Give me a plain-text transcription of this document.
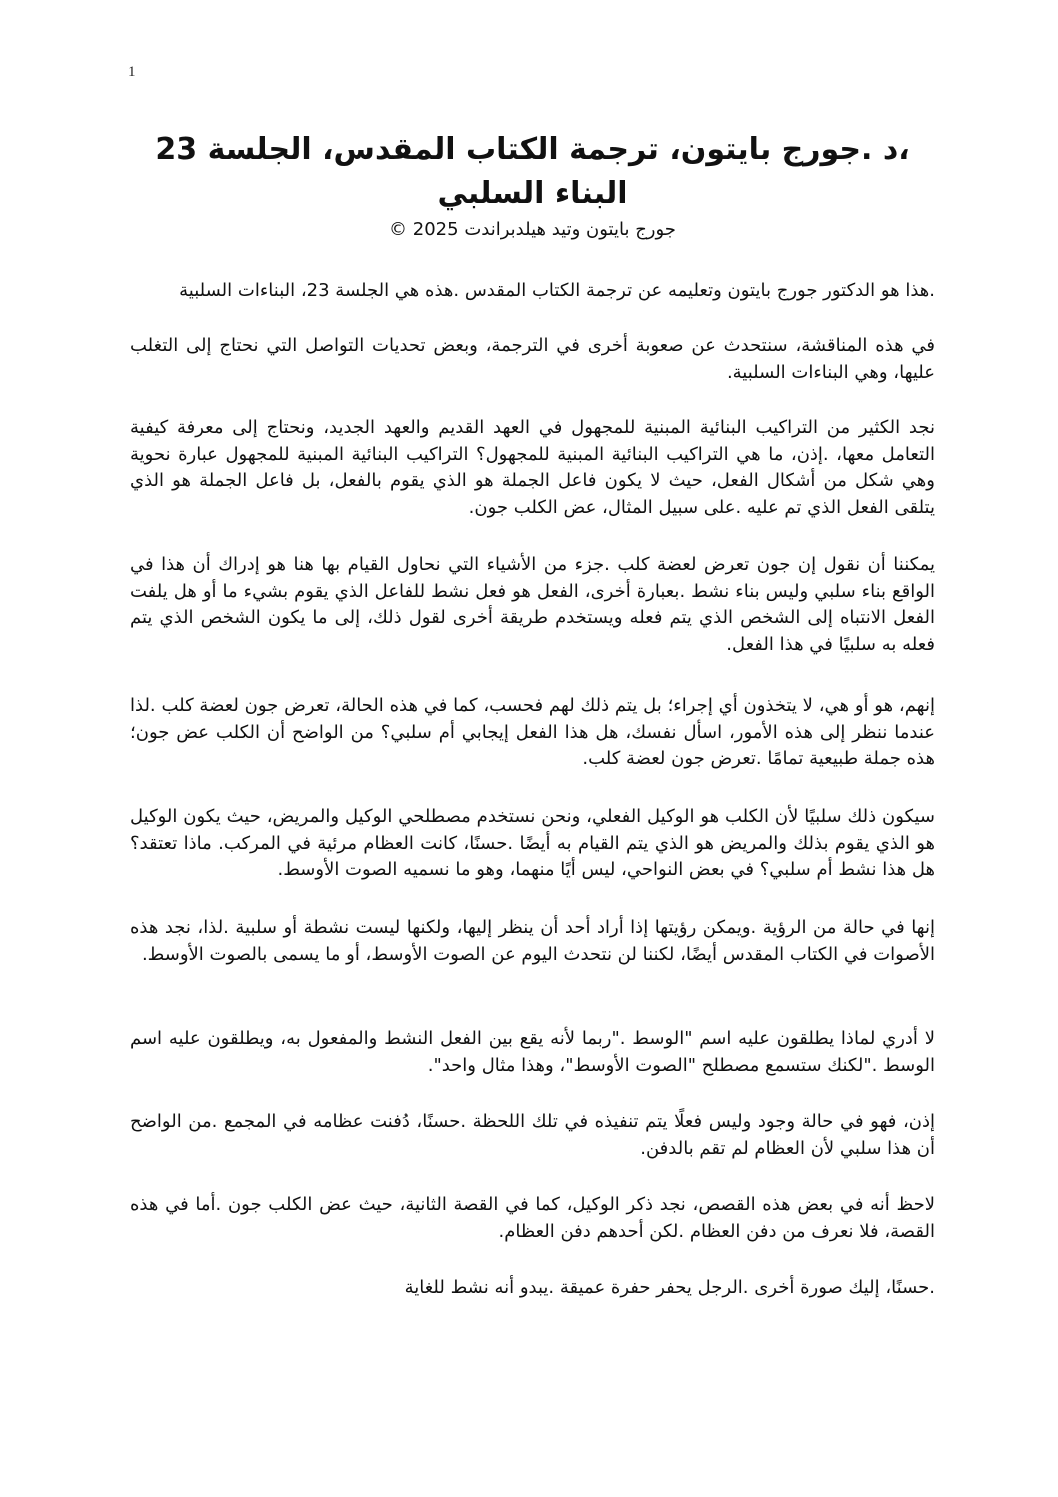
1
،د .جورج بايتون، ترجمة الكتاب المقدس، الجلسة 23
البناء السلبي

جورج بايتون وتيد هيلدبراندت 2025 ©

.هذا هو الدكتور جورج بايتون وتعليمه عن ترجمة الكتاب المقدس .هذه هي الجلسة 23، البناءات السلبية

في هذه المناقشة، سنتحدث عن صعوبة أخرى في الترجمة، وبعض تحديات التواصل التي نحتاج إلى التغلب عليها، وهي البناءات السلبية.

نجد الكثير من التراكيب البنائية المبنية للمجهول في العهد القديم والعهد الجديد، ونحتاج إلى معرفة كيفية التعامل معها، .إذن، ما هي التراكيب البنائية المبنية للمجهول؟ التراكيب البنائية المبنية للمجهول عبارة نحوية وهي شكل من أشكال الفعل، حيث لا يكون فاعل الجملة هو الذي يقوم بالفعل، بل فاعل الجملة هو الذي يتلقى الفعل الذي تم عليه .على سبيل المثال، عض الكلب جون.

يمكننا أن نقول إن جون تعرض لعضة كلب .جزء من الأشياء التي نحاول القيام بها هنا هو إدراك أن هذا في الواقع بناء سلبي وليس بناء نشط .بعبارة أخرى، الفعل هو فعل نشط للفاعل الذي يقوم بشيء ما أو هل يلفت الفعل الانتباه إلى الشخص الذي يتم فعله ويستخدم طريقة أخرى لقول ذلك، إلى ما يكون الشخص الذي يتم فعله به سلبيًا في هذا الفعل.

إنهم، هو أو هي، لا يتخذون أي إجراء؛ بل يتم ذلك لهم فحسب، كما في هذه الحالة، تعرض جون لعضة كلب .لذا عندما ننظر إلى هذه الأمور، اسأل نفسك، هل هذا الفعل إيجابي أم سلبي؟ من الواضح أن الكلب عض جون؛ هذه جملة طبيعية تمامًا .تعرض جون لعضة كلب.

سيكون ذلك سلبيًا لأن الكلب هو الوكيل الفعلي، ونحن نستخدم مصطلحي الوكيل والمريض، حيث يكون الوكيل هو الذي يقوم بذلك والمريض هو الذي يتم القيام به أيضًا .حسنًا، كانت العظام مرئية في المركب. ماذا تعتقد؟ هل هذا نشط أم سلبي؟ في بعض النواحي، ليس أيًا منهما، وهو ما نسميه الصوت الأوسط.

إنها في حالة من الرؤية .ويمكن رؤيتها إذا أراد أحد أن ينظر إليها، ولكنها ليست نشطة أو سلبية .لذا، نجد هذه الأصوات في الكتاب المقدس أيضًا، لكننا لن نتحدث اليوم عن الصوت الأوسط، أو ما يسمى بالصوت الأوسط.

لا أدري لماذا يطلقون عليه اسم "الوسط ."ربما لأنه يقع بين الفعل النشط والمفعول به، ويطلقون عليه اسم الوسط ."لكنك ستسمع مصطلح "الصوت الأوسط"، وهذا مثال واحد".

إذن، فهو في حالة وجود وليس فعلًا يتم تنفيذه في تلك اللحظة .حسنًا، دُفنت عظامه في المجمع .من الواضح أن هذا سلبي لأن العظام لم تقم بالدفن.

لاحظ أنه في بعض هذه القصص، نجد ذكر الوكيل، كما في القصة الثانية، حيث عض الكلب جون .أما في هذه القصة، فلا نعرف من دفن العظام .لكن أحدهم دفن العظام.

.حسنًا، إليك صورة أخرى .الرجل يحفر حفرة عميقة .يبدو أنه نشط للغاية
